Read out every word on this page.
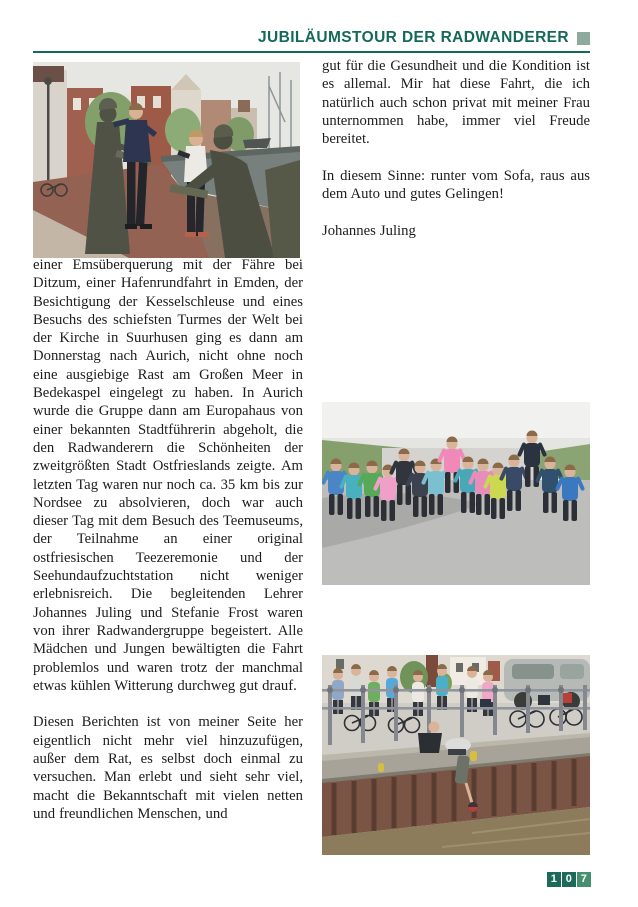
JUBILÄUMSTOUR DER RADWANDERER

einer Emsüberquerung mit der Fähre bei Ditzum, einer Hafenrundfahrt in Emden, der Besichtigung der Kesselschleuse und eines Besuchs des schiefsten Turmes der Welt bei der Kirche in Suurhusen ging es dann am Donnerstag nach Aurich, nicht ohne noch eine ausgiebige Rast am Großen Meer in Bedekaspel eingelegt zu haben. In Aurich wurde die Gruppe dann am Europahaus von einer bekannten Stadtführerin abgeholt, die den Radwanderern die Schönheiten der zweitgrößten Stadt Ostfrieslands zeigte. Am letzten Tag waren nur noch ca. 35 km bis zur Nordsee zu absolvieren, doch war auch dieser Tag mit dem Besuch des Teemuseums, der Teilnahme an einer original ostfriesischen Teezeremonie und der Seehundaufzuchtstation nicht weniger erlebnisreich. Die begleitenden Lehrer Johannes Juling und Stefanie Frost waren von ihrer Radwandergruppe begeistert. Alle Mädchen und Jungen bewältigten die Fahrt problemlos und waren trotz der manchmal etwas kühlen Witterung durchweg gut drauf.

Diesen Berichten ist von meiner Seite her eigentlich nicht mehr viel hinzuzufügen, außer dem Rat, es selbst doch einmal zu versuchen. Man erlebt und sieht sehr viel, macht die Bekanntschaft mit vielen netten und freundlichen Menschen, und

gut für die Gesundheit und die Kondition ist es allemal. Mir hat diese Fahrt, die ich natürlich auch schon privat mit meiner Frau unternommen habe, immer viel Freude bereitet.

In diesem Sinne: runter vom Sofa, raus aus dem Auto und gutes Gelingen!

Johannes Juling

1 0 7
